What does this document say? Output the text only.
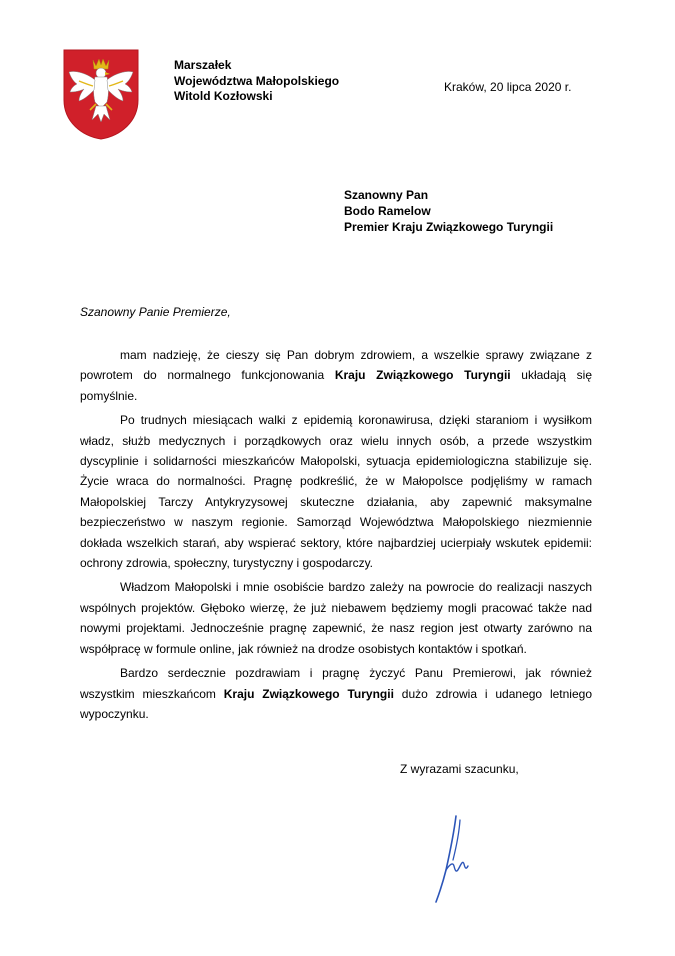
Marszałek
Województwa Małopolskiego
Witold Kozłowski
Kraków, 20 lipca 2020 r.
Szanowny Pan
Bodo Ramelow
Premier Kraju Związkowego Turyngii
Szanowny Panie Premierze,

mam nadzieję, że cieszy się Pan dobrym zdrowiem, a wszelkie sprawy związane z powrotem do normalnego funkcjonowania Kraju Związkowego Turyngii układają się pomyślnie.

Po trudnych miesiącach walki z epidemią koronawirusa, dzięki staraniom i wysiłkom władz, służb medycznych i porządkowych oraz wielu innych osób, a przede wszystkim dyscyplinie i solidarności mieszkańców Małopolski, sytuacja epidemiologiczna stabilizuje się. Życie wraca do normalności. Pragnę podkreślić, że w Małopolsce podjęliśmy w ramach Małopolskiej Tarczy Antykryzysowej skuteczne działania, aby zapewnić maksymalne bezpieczeństwo w naszym regionie. Samorząd Województwa Małopolskiego niezmiennie dokłada wszelkich starań, aby wspierać sektory, które najbardziej ucierpiały wskutek epidemii: ochrony zdrowia, społeczny, turystyczny i gospodarczy.

Władzom Małopolski i mnie osobiście bardzo zależy na powrocie do realizacji naszych wspólnych projektów. Głęboko wierzę, że już niebawem będziemy mogli pracować także nad nowymi projektami. Jednocześnie pragnę zapewnić, że nasz region jest otwarty zarówno na współpracę w formule online, jak również na drodze osobistych kontaktów i spotkań.

Bardzo serdecznie pozdrawiam i pragnę życzyć Panu Premierowi, jak również wszystkim mieszkańcom Kraju Związkowego Turyngii dużo zdrowia i udanego letniego wypoczynku.

Z wyrazami szacunku,
